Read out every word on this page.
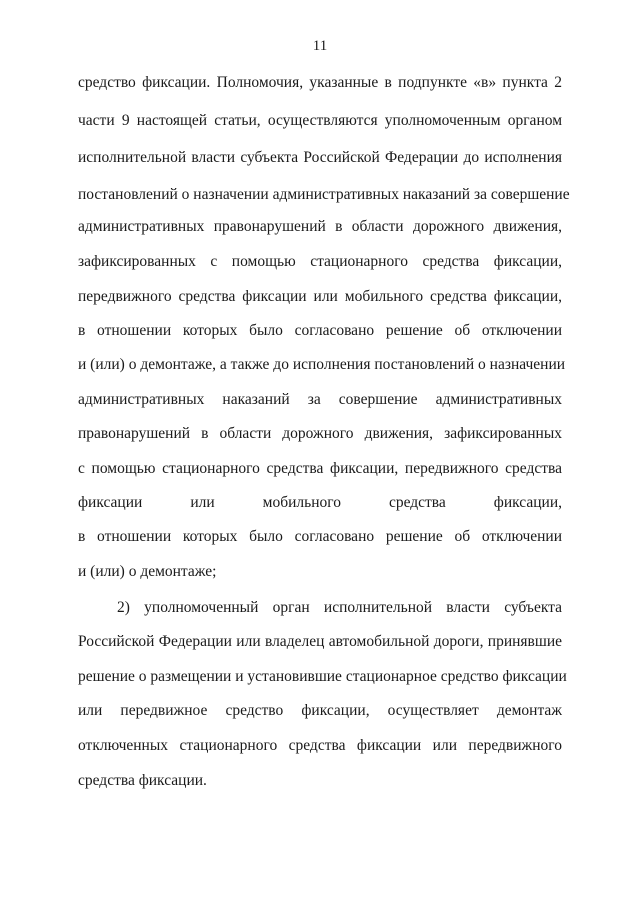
11
средство фиксации. Полномочия, указанные в подпункте «в» пункта 2
части 9 настоящей статьи, осуществляются уполномоченным органом
исполнительной власти субъекта Российской Федерации до исполнения
постановлений о назначении административных наказаний за совершение
административных правонарушений в области дорожного движения,
зафиксированных с помощью стационарного средства фиксации,
передвижного средства фиксации или мобильного средства фиксации,
в отношении которых было согласовано решение об отключении
и (или) о демонтаже, а также до исполнения постановлений о назначении
административных наказаний за совершение административных
правонарушений в области дорожного движения, зафиксированных
с помощью стационарного средства фиксации, передвижного средства
фиксации или мобильного средства фиксации,
в отношении которых было согласовано решение об отключении
и (или) о демонтаже;
2) уполномоченный орган исполнительной власти субъекта
Российской Федерации или владелец автомобильной дороги, принявшие
решение о размещении и установившие стационарное средство фиксации
или передвижное средство фиксации, осуществляет демонтаж
отключенных стационарного средства фиксации или передвижного
средства фиксации.
